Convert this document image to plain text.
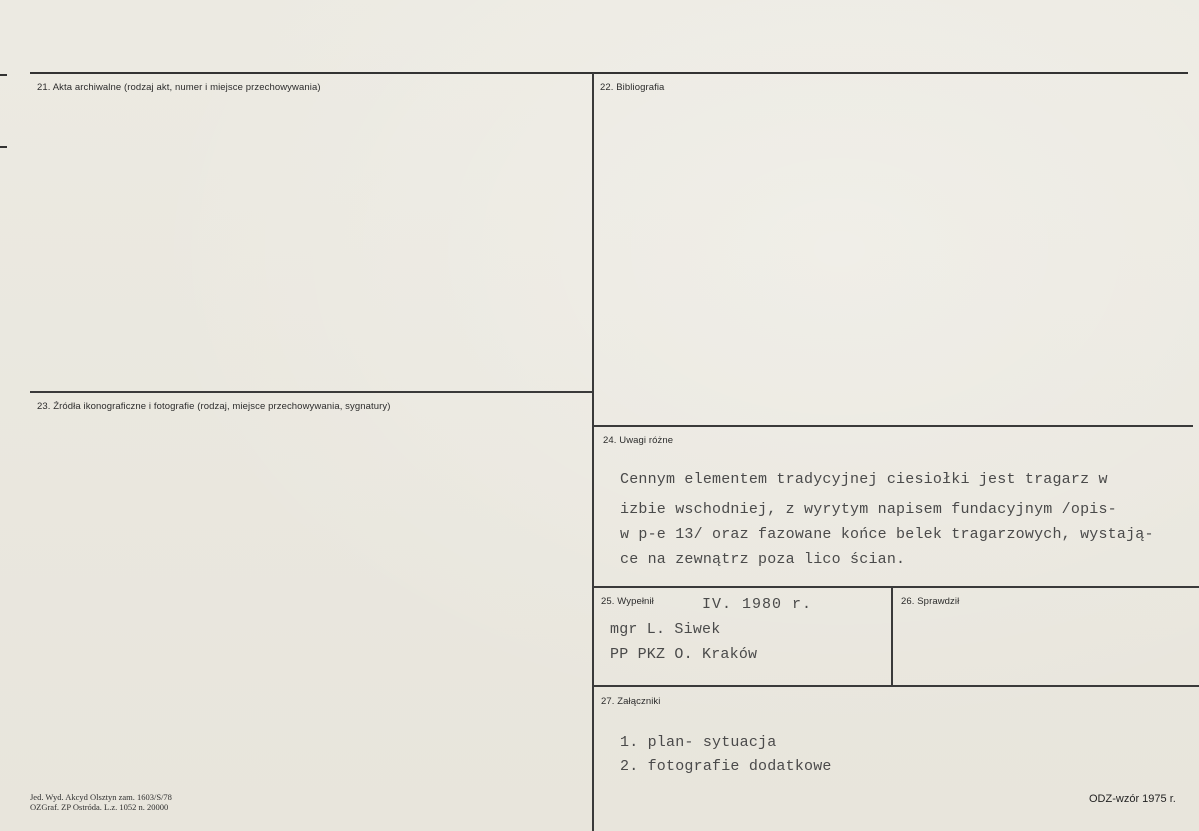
21. Akta archiwalne (rodzaj akt, numer i miejsce przechowywania)	22. Bibliografia
23. Źródła ikonograficzne i fotografie (rodzaj, miejsce przechowywania, sygnatury)
24. Uwagi różne
25. Wypełnił	26. Sprawdził
27. Załączniki
Cennym elementem tradycyjnej ciesiołki jest tragarz w
izbie wschodniej, z wyrytym napisem fundacyjnym /opis-
w p-e 13/ oraz fazowane końce belek tragarzowych, wystają-
ce na zewnątrz poza lico ścian.
IV. 1980 r.
mgr L. Siwek
PP PKZ O. Kraków
1. plan- sytuacja
2. fotografie dodatkowe
Jed. Wyd. Akcyd Olsztyn zam. 1603/S/78
OZGraf. ZP Ostróda. L.z. 1052 n. 20000
ODZ-wzór 1975 r.
